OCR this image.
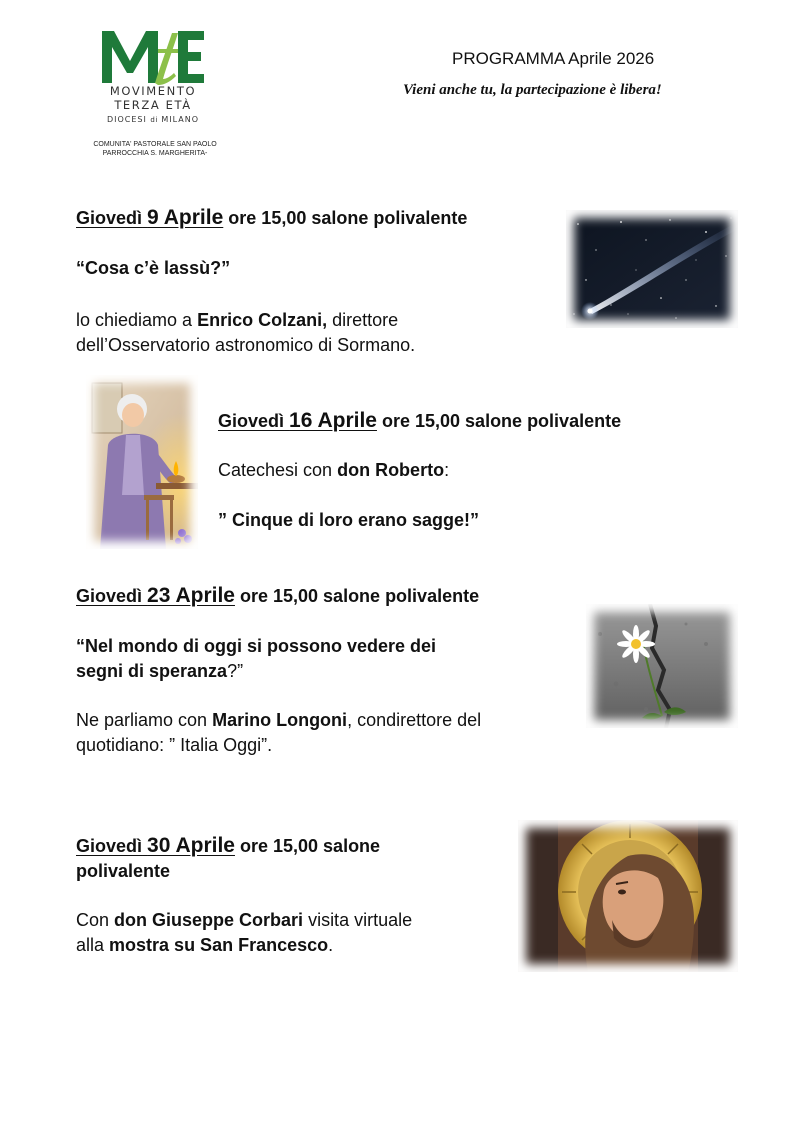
MOVIMENTO
TERZA ETÀ
DIOCESI di MILANO
COMUNITA' PASTORALE SAN PAOLO
PARROCCHIA S. MARGHERITA-
PROGRAMMA Aprile 2026
Vieni anche tu, la partecipazione è libera!
Giovedì 9 Aprile ore 15,00 salone polivalente
“Cosa c’è lassù?”
lo chiediamo a Enrico Colzani, direttore
dell’Osservatorio astronomico di Sormano.
Giovedì 16 Aprile ore 15,00 salone polivalente
Catechesi con don Roberto:
” Cinque di loro erano sagge!”
Giovedì 23 Aprile ore 15,00 salone polivalente
“Nel mondo di oggi si possono vedere dei
segni di speranza?”
Ne parliamo con Marino Longoni, condirettore del
quotidiano: ” Italia Oggi”.
Giovedì 30 Aprile ore 15,00 salone
polivalente
Con don Giuseppe Corbari visita virtuale
alla mostra su San Francesco.
